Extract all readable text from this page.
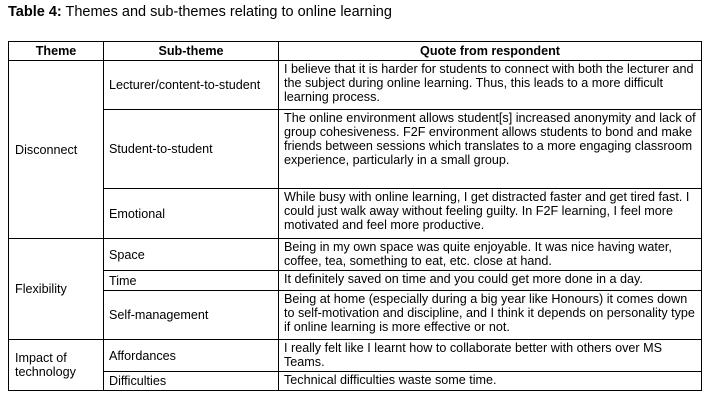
Table 4: Themes and sub-themes relating to online learning
Theme	Sub-theme	Quote from respondent
Disconnect	Lecturer/content-to-student	I believe that it is harder for students to connect with both the lecturer and the subject during online learning. Thus, this leads to a more difficult learning process.
	Student-to-student	The online environment allows student[s] increased anonymity and lack of group cohesiveness. F2F environment allows students to bond and make friends between sessions which translates to a more engaging classroom experience, particularly in a small group.
	Emotional	While busy with online learning, I get distracted faster and get tired fast. I could just walk away without feeling guilty. In F2F learning, I feel more motivated and feel more productive.
Flexibility	Space	Being in my own space was quite enjoyable. It was nice having water, coffee, tea, something to eat, etc. close at hand.
	Time	It definitely saved on time and you could get more done in a day.
	Self-management	Being at home (especially during a big year like Honours) it comes down to self-motivation and discipline, and I think it depends on personality type if online learning is more effective or not.
Impact of technology	Affordances	I really felt like I learnt how to collaborate better with others over MS Teams.
	Difficulties	Technical difficulties waste some time.
